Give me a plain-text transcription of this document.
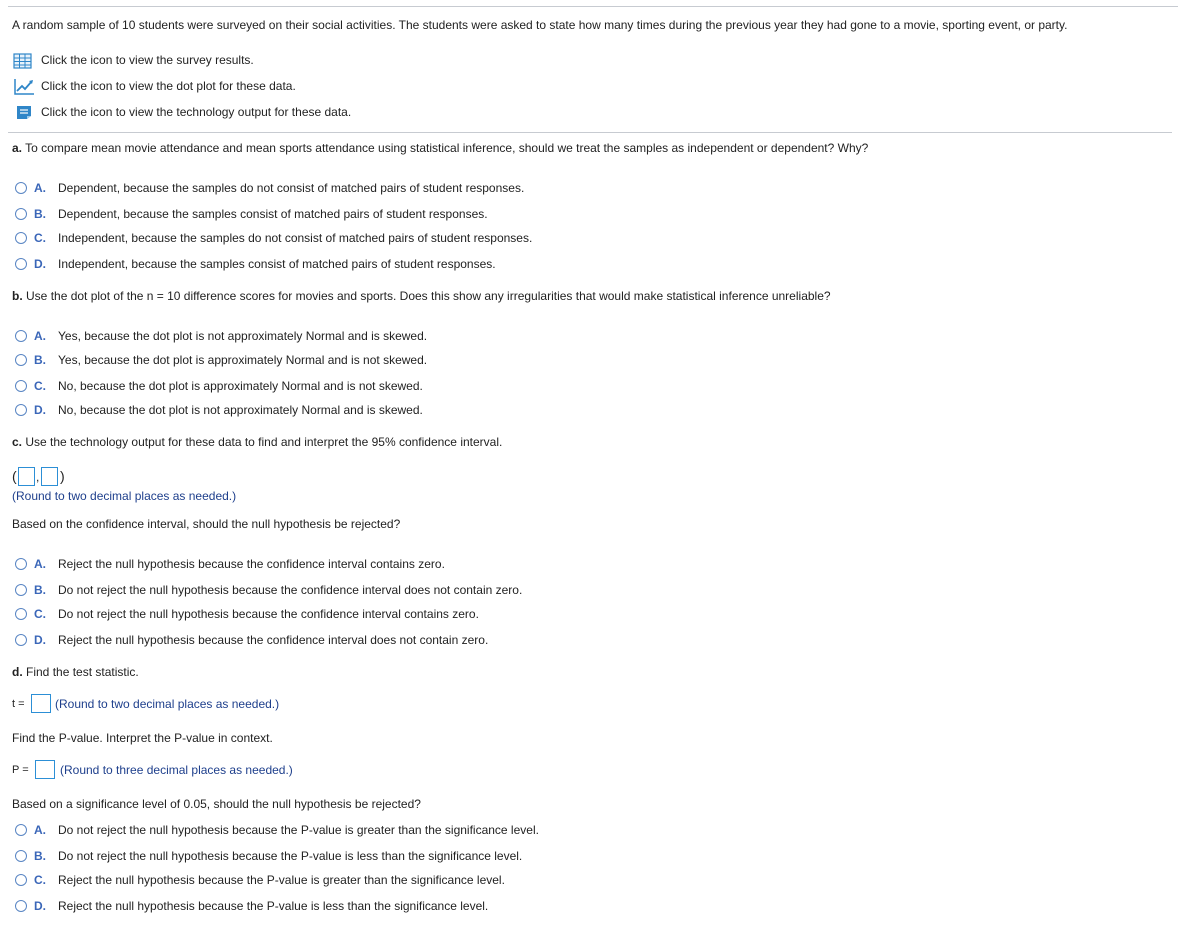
A random sample of 10 students were surveyed on their social activities. The students were asked to state how many times during the previous year they had gone to a movie, sporting event, or party.
Click the icon to view the survey results.
Click the icon to view the dot plot for these data.
Click the icon to view the technology output for these data.
a. To compare mean movie attendance and mean sports attendance using statistical inference, should we treat the samples as independent or dependent? Why?
A. Dependent, because the samples do not consist of matched pairs of student responses.
B. Dependent, because the samples consist of matched pairs of student responses.
C. Independent, because the samples do not consist of matched pairs of student responses.
D. Independent, because the samples consist of matched pairs of student responses.
b. Use the dot plot of the n = 10 difference scores for movies and sports. Does this show any irregularities that would make statistical inference unreliable?
A. Yes, because the dot plot is not approximately Normal and is skewed.
B. Yes, because the dot plot is approximately Normal and is not skewed.
C. No, because the dot plot is approximately Normal and is not skewed.
D. No, because the dot plot is not approximately Normal and is skewed.
c. Use the technology output for these data to find and interpret the 95% confidence interval.
( , )
(Round to two decimal places as needed.)
Based on the confidence interval, should the null hypothesis be rejected?
A. Reject the null hypothesis because the confidence interval contains zero.
B. Do not reject the null hypothesis because the confidence interval does not contain zero.
C. Do not reject the null hypothesis because the confidence interval contains zero.
D. Reject the null hypothesis because the confidence interval does not contain zero.
d. Find the test statistic.
t =	(Round to two decimal places as needed.)
Find the P-value. Interpret the P-value in context.
P =	(Round to three decimal places as needed.)
Based on a significance level of 0.05, should the null hypothesis be rejected?
A. Do not reject the null hypothesis because the P-value is greater than the significance level.
B. Do not reject the null hypothesis because the P-value is less than the significance level.
C. Reject the null hypothesis because the P-value is greater than the significance level.
D. Reject the null hypothesis because the P-value is less than the significance level.
